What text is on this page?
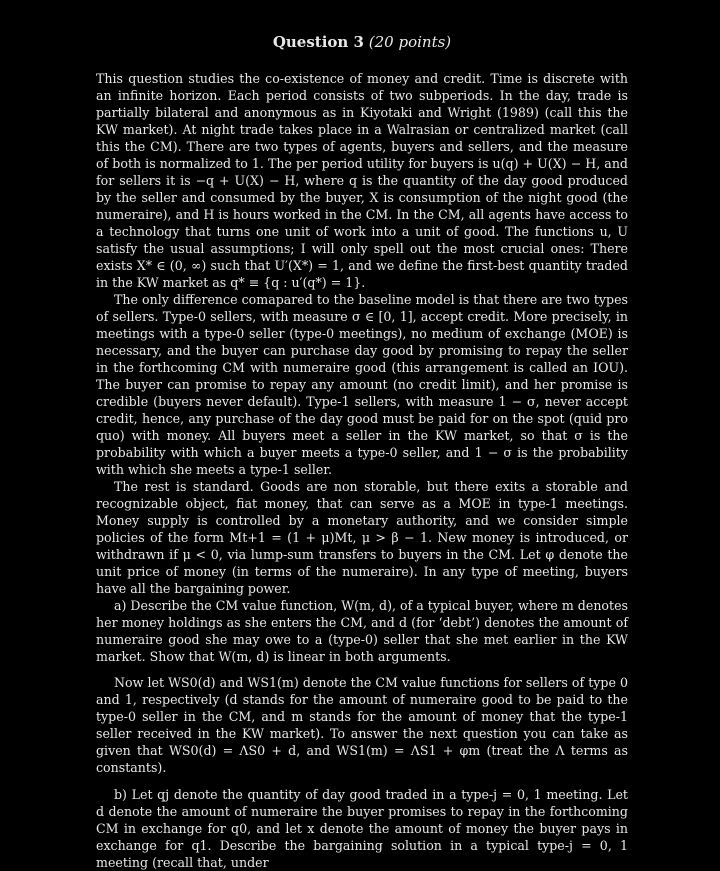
Question 3 (20 points)

This question studies the co-existence of money and credit. Time is discrete with an infinite horizon. Each period consists of two subperiods. In the day, trade is partially bilateral and anonymous as in Kiyotaki and Wright (1989) (call this the KW market). At night trade takes place in a Walrasian or centralized market (call this the CM). There are two types of agents, buyers and sellers, and the measure of both is normalized to 1. The per period utility for buyers is u(q) + U(X) − H, and for sellers it is −q + U(X) − H, where q is the quantity of the day good produced by the seller and consumed by the buyer, X is consumption of the night good (the numeraire), and H is hours worked in the CM. In the CM, all agents have access to a technology that turns one unit of work into a unit of good. The functions u, U satisfy the usual assumptions; I will only spell out the most crucial ones: There exists X* ∈ (0, ∞) such that U′(X*) = 1, and we define the first-best quantity traded in the KW market as q* ≡ {q : u′(q*) = 1}.

The only difference comapared to the baseline model is that there are two types of sellers. Type-0 sellers, with measure σ ∈ [0, 1], accept credit. More precisely, in meetings with a type-0 seller (type-0 meetings), no medium of exchange (MOE) is necessary, and the buyer can purchase day good by promising to repay the seller in the forthcoming CM with numeraire good (this arrangement is called an IOU). The buyer can promise to repay any amount (no credit limit), and her promise is credible (buyers never default). Type-1 sellers, with measure 1 − σ, never accept credit, hence, any purchase of the day good must be paid for on the spot (quid pro quo) with money. All buyers meet a seller in the KW market, so that σ is the probability with which a buyer meets a type-0 seller, and 1 − σ is the probability with which she meets a type-1 seller.

The rest is standard. Goods are non storable, but there exits a storable and recognizable object, fiat money, that can serve as a MOE in type-1 meetings. Money supply is controlled by a monetary authority, and we consider simple policies of the form Mt+1 = (1 + μ)Mt, μ > β − 1. New money is introduced, or withdrawn if μ < 0, via lump-sum transfers to buyers in the CM. Let φ denote the unit price of money (in terms of the numeraire). In any type of meeting, buyers have all the bargaining power.

a) Describe the CM value function, W(m, d), of a typical buyer, where m denotes her money holdings as she enters the CM, and d (for ‘debt’) denotes the amount of numeraire good she may owe to a (type-0) seller that she met earlier in the KW market. Show that W(m, d) is linear in both arguments.

Now let WS0(d) and WS1(m) denote the CM value functions for sellers of type 0 and 1, respectively (d stands for the amount of numeraire good to be paid to the type-0 seller in the CM, and m stands for the amount of money that the type-1 seller received in the KW market). To answer the next question you can take as given that WS0(d) = ΛS0 + d, and WS1(m) = ΛS1 + φm (treat the Λ terms as constants).

b) Let qj denote the quantity of day good traded in a type-j = 0, 1 meeting. Let d denote the amount of numeraire the buyer promises to repay in the forthcoming CM in exchange for q0, and let x denote the amount of money the buyer pays in exchange for q1. Describe the bargaining solution in a typical type-j = 0, 1 meeting (recall that, under
